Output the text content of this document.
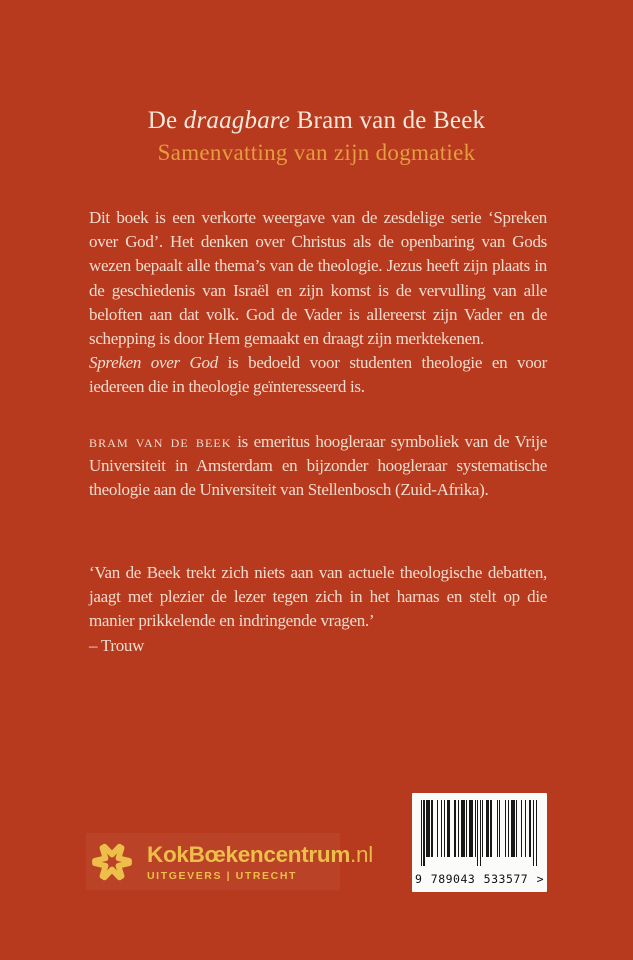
De draagbare Bram van de Beek
Samenvatting van zijn dogmatiek

Dit boek is een verkorte weergave van de zesdelige serie ‘Spreken over God’. Het denken over Christus als de openbaring van Gods wezen bepaalt alle thema’s van de theologie. Jezus heeft zijn plaats in de geschiedenis van Israël en zijn komst is de vervulling van alle beloften aan dat volk. God de Vader is allereerst zijn Vader en de schepping is door Hem gemaakt en draagt zijn merktekenen.

Spreken over God is bedoeld voor studenten theologie en voor iedereen die in theologie geïnteresseerd is.

bram van de beek is emeritus hoogleraar symboliek van de Vrije Universiteit in Amsterdam en bijzonder hoogleraar systematische theologie aan de Universiteit van Stellenbosch (Zuid-Afrika).

‘Van de Beek trekt zich niets aan van actuele theologische debatten, jaagt met plezier de lezer tegen zich in het harnas en stelt op die manier prikkelende en indringende vragen.’

– Trouw

KokBœkencentrum.nl
UITGEVERS | UTRECHT	9 789043 533577 >
